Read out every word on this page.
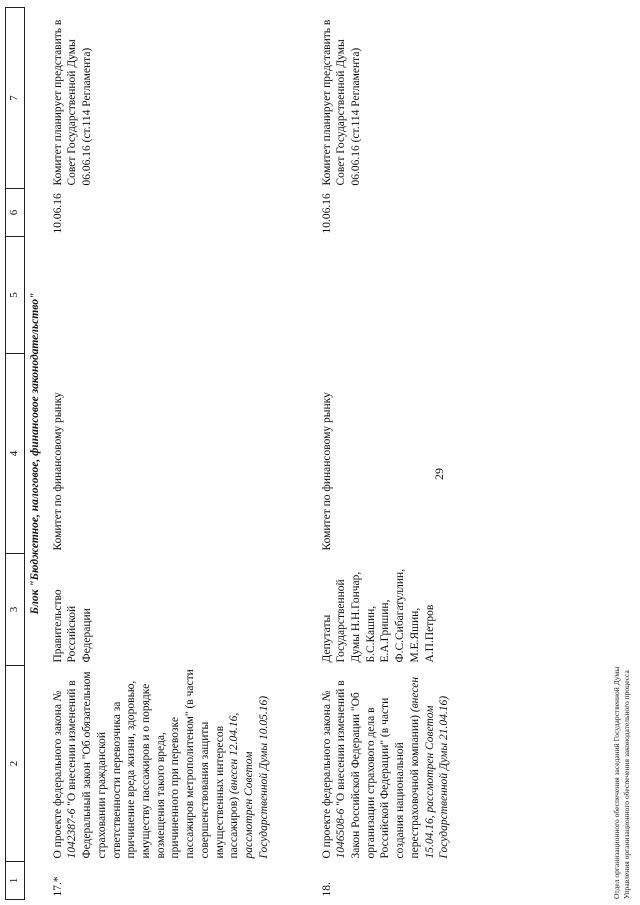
29
1	2	3	4	5	6	7
Блок "Бюджетное, налоговое, финансовое законодательство"						
17.*	О проекте федерального закона № 1042387-6 "О внесении изменений в Федеральный закон "Об обязательном страховании гражданской ответственности перевозчика за причинение вреда жизни, здоровью, имуществу пассажиров и о порядке возмещения такого вреда, причиненного при перевозке пассажиров метрополитеном" (в части совершенствования защиты имущественных интересов пассажиров) (внесен 12.04.16, рассмотрен Советом Государственной Думы 10.05.16)	Правительство Российской Федерации	Комитет по финансовому рынку		10.06.16	Комитет планирует представить в Совет Государственной Думы 06.06.16 (ст.114 Регламента)

18.	О проекте федерального закона № 1046508-6 "О внесении изменений в Закон Российской Федерации "Об организации страхового дела в Российской Федерации" (в части создания национальной перестраховочной компании) (внесен 15.04.16, рассмотрен Советом Государственной Думы 21.04.16)	Депутаты Государственной Думы Н.Н.Гончар, Б.С.Кашин, Е.А.Гришин, Ф.С.Сибагатуллин, М.Е.Яшин, А.П.Петров	Комитет по финансовому рынку		10.06.16	Комитет планирует представить в Совет Государственной Думы 06.06.16 (ст.114 Регламента)
Отдел организационного обеспечения заседаний Государственной Думы Управления организационного обеспечения законодательного процесса
